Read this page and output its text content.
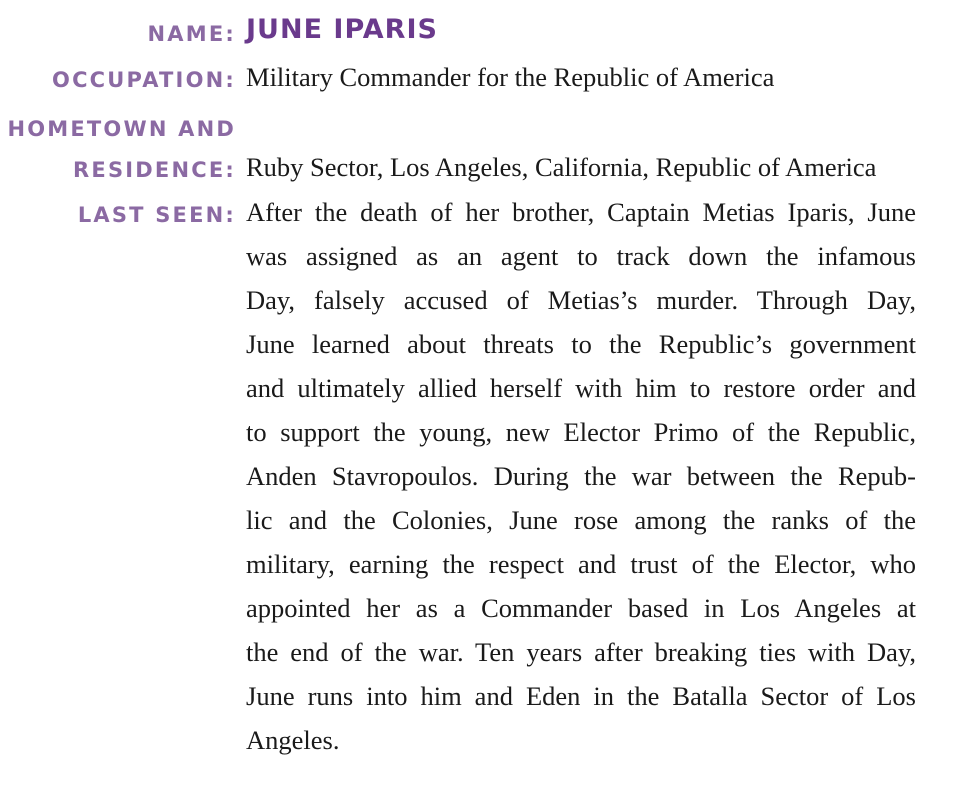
NAME: JUNE IPARIS
OCCUPATION: Military Commander for the Republic of America
HOMETOWN AND
RESIDENCE: Ruby Sector, Los Angeles, California, Republic of America
LAST SEEN: After the death of her brother, Captain Metias Iparis, June
was assigned as an agent to track down the infamous
Day, falsely accused of Metias’s murder. Through Day,
June learned about threats to the Republic’s government
and ultimately allied herself with him to restore order and
to support the young, new Elector Primo of the Republic,
Anden Stavropoulos. During the war between the Repub-
lic and the Colonies, June rose among the ranks of the
military, earning the respect and trust of the Elector, who
appointed her as a Commander based in Los Angeles at
the end of the war. Ten years after breaking ties with Day,
June runs into him and Eden in the Batalla Sector of Los
Angeles.
